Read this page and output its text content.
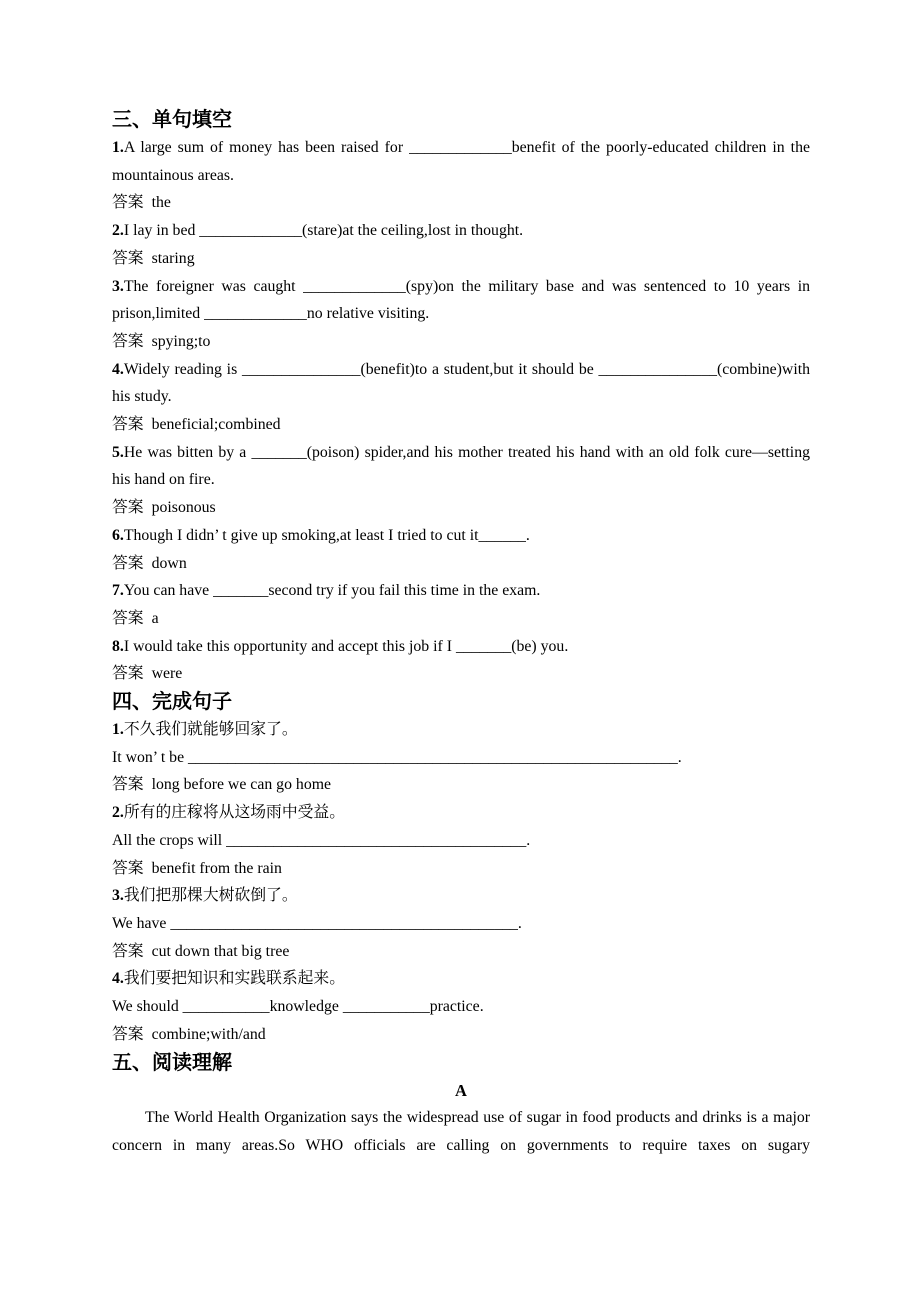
三、单句填空

1.A large sum of money has been raised for _____________benefit of the poorly-educated children in the mountainous areas.

答案 the

2.I lay in bed _____________(stare)at the ceiling,lost in thought.

答案 staring

3.The foreigner was caught _____________(spy)on the military base and was sentenced to 10 years in prison,limited _____________no relative visiting.

答案 spying;to

4.Widely reading is _______________(benefit)to a student,but it should be _______________(combine)with his study.

答案 beneficial;combined

5.He was bitten by a _______(poison) spider,and his mother treated his hand with an old folk cure—setting his hand on fire.

答案 poisonous

6.Though I didn’ t give up smoking,at least I tried to cut it______.

答案 down

7.You can have _______second try if you fail this time in the exam.

答案 a

8.I would take this opportunity and accept this job if I _______(be) you.

答案 were

四、完成句子

1.不久我们就能够回家了。

It won’ t be ______________________________________________________________.

答案 long before we can go home

2.所有的庄稼将从这场雨中受益。

All the crops will ______________________________________.

答案 benefit from the rain

3.我们把那棵大树砍倒了。

We have ____________________________________________.

答案 cut down that big tree

4.我们要把知识和实践联系起来。

We should ___________knowledge ___________practice.

答案 combine;with/and

五、阅读理解

A

The World Health Organization says the widespread use of sugar in food products and drinks is a major concern in many areas.So WHO officials are calling on governments to require taxes on sugary
